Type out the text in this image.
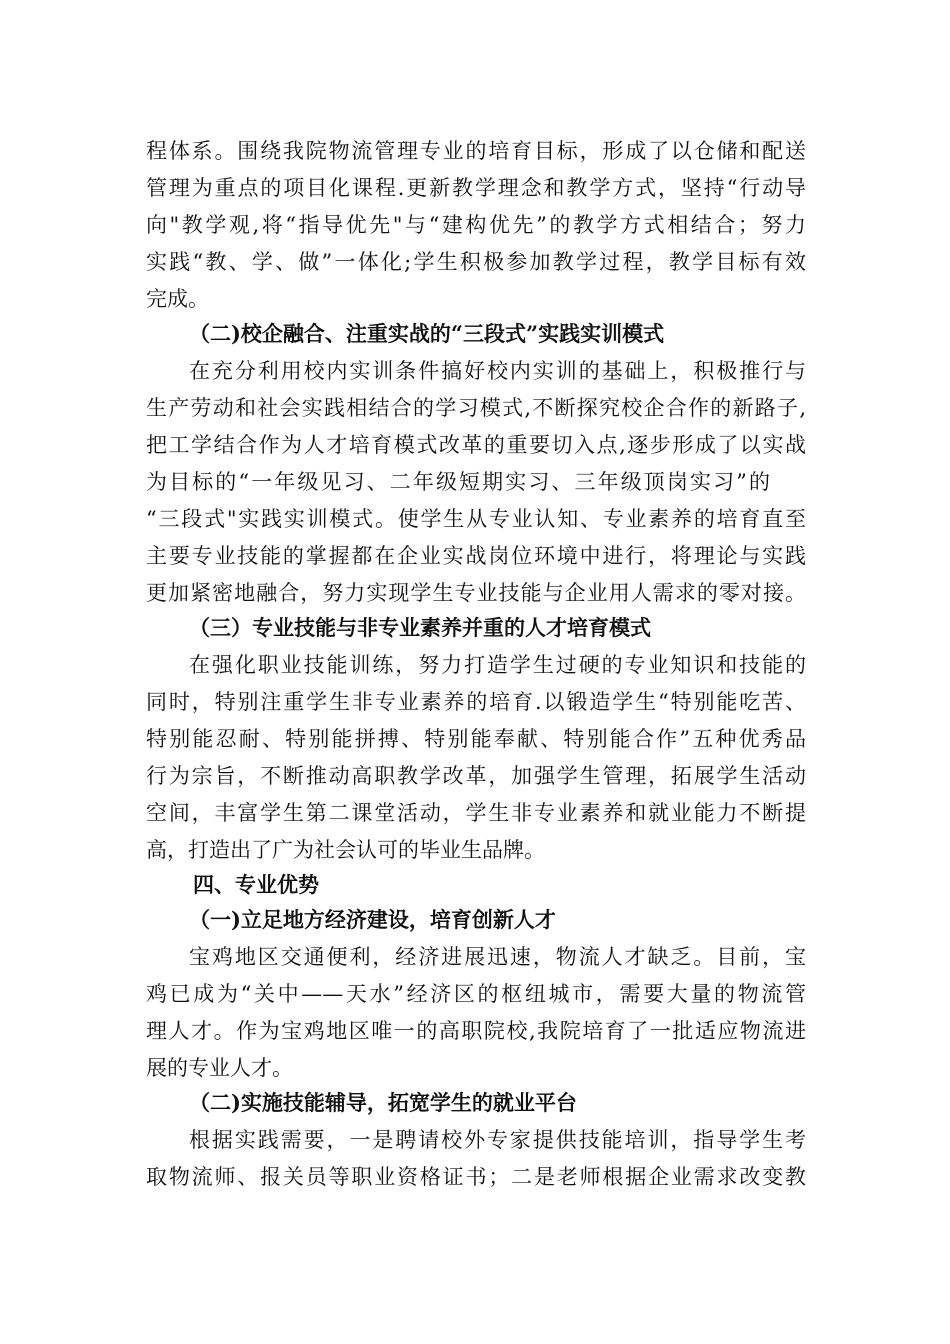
程体系。围绕我院物流管理专业的培育目标，形成了以仓储和配送
管理为重点的项目化课程.更新教学理念和教学方式，坚持“行动导
向"教学观,将“指导优先"与“建构优先”的教学方式相结合；努力
实践“教、学、做”一体化;学生积极参加教学过程，教学目标有效
完成。
（二)校企融合、注重实战的“三段式”实践实训模式
在充分利用校内实训条件搞好校内实训的基础上，积极推行与
生产劳动和社会实践相结合的学习模式,不断探究校企合作的新路子,
把工学结合作为人才培育模式改革的重要切入点,逐步形成了以实战
为目标的“一年级见习、二年级短期实习、三年级顶岗实习”的
“三段式"实践实训模式。使学生从专业认知、专业素养的培育直至
主要专业技能的掌握都在企业实战岗位环境中进行，将理论与实践
更加紧密地融合，努力实现学生专业技能与企业用人需求的零对接。
（三）专业技能与非专业素养并重的人才培育模式
在强化职业技能训练，努力打造学生过硬的专业知识和技能的
同时，特别注重学生非专业素养的培育.以锻造学生“特别能吃苦、
特别能忍耐、特别能拼搏、特别能奉献、特别能合作”五种优秀品
行为宗旨，不断推动高职教学改革，加强学生管理，拓展学生活动
空间，丰富学生第二课堂活动，学生非专业素养和就业能力不断提
高，打造出了广为社会认可的毕业生品牌。
四、专业优势
（一)立足地方经济建设，培育创新人才
宝鸡地区交通便利，经济进展迅速，物流人才缺乏。目前，宝
鸡已成为“关中——天水”经济区的枢纽城市，需要大量的物流管
理人才。作为宝鸡地区唯一的高职院校,我院培育了一批适应物流进
展的专业人才。
（二)实施技能辅导，拓宽学生的就业平台
根据实践需要，一是聘请校外专家提供技能培训，指导学生考
取物流师、报关员等职业资格证书；二是老师根据企业需求改变教
